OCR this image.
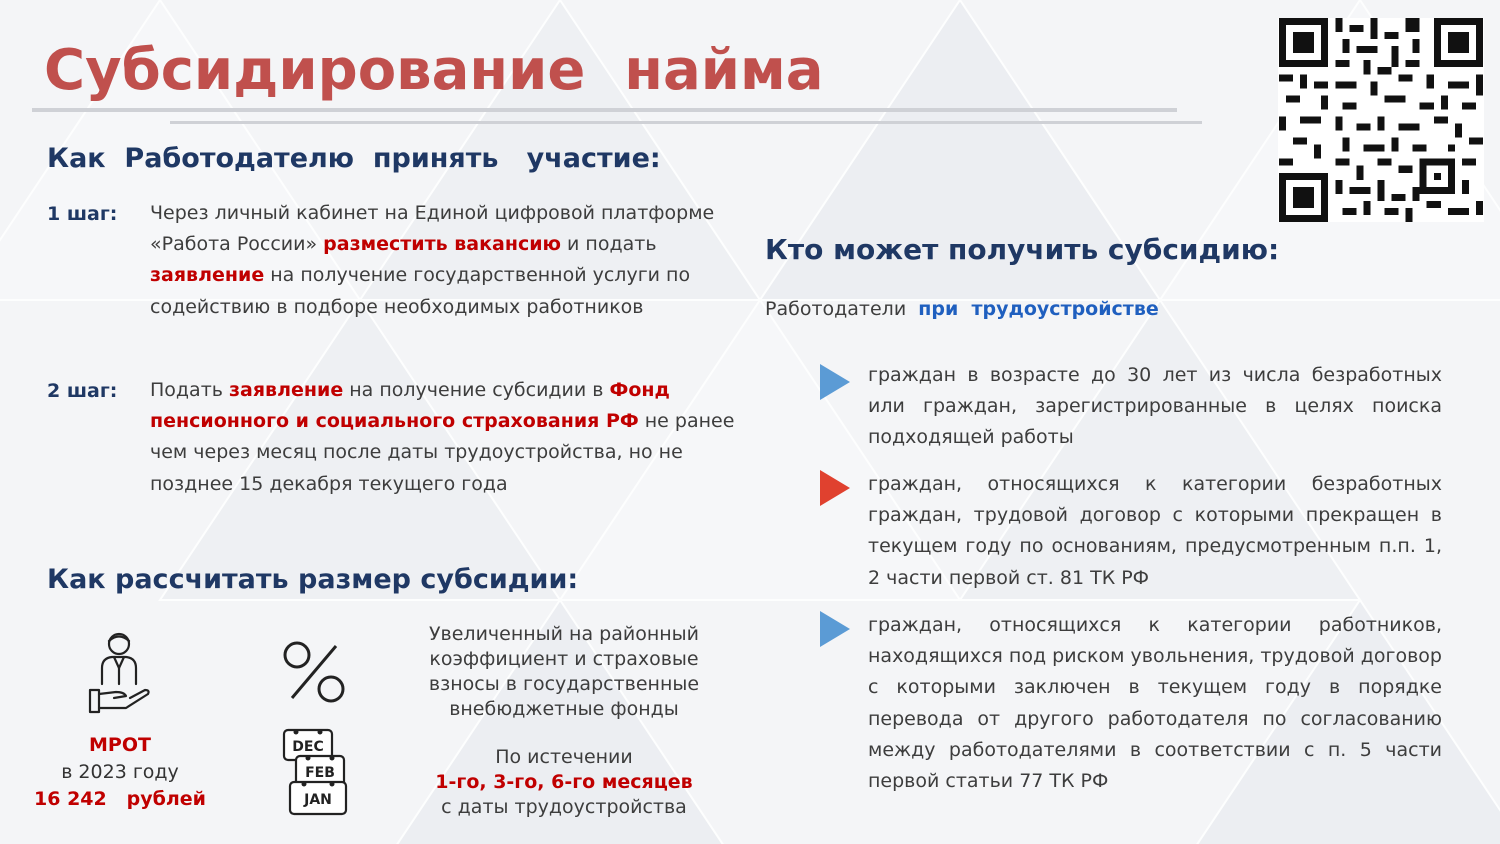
Субсидирование  найма
Как  Работодателю  принять   участие:
1 шаг: Через личный кабинет на Единой цифровой платформе «Работа России» разместить вакансию и подать заявление на получение государственной услуги по содействию в подборе необходимых работников
2 шаг: Подать заявление на получение субсидии в Фонд пенсионного и социального страхования РФ не ранее чем через месяц после даты трудоустройства, но не позднее 15 декабря текущего года
Как рассчитать размер субсидии:
DEC
FEB
JAN
МРОТ
в 2023 году
16 242   рублей
Увеличенный на районный коэффициент и страховые взносы в государственные внебюджетные фонды
По истечении
1-го, 3-го, 6-го месяцев
с даты трудоустройства
Кто может получить субсидию:
Работодатели  при  трудоустройстве
граждан в возрасте до 30 лет из числа безработных или граждан, зарегистрированные в целях поиска подходящей работы
граждан, относящихся к категории безработных граждан, трудовой договор с которыми прекращен в текущем году по основаниям, предусмотренным п.п. 1, 2 части первой ст. 81 ТК РФ
граждан, относящихся к категории работников, находящихся под риском увольнения, трудовой договор с которыми заключен в текущем году в порядке перевода от другого работодателя по согласованию между работодателями в соответствии с п. 5 части первой статьи 77 ТК РФ
